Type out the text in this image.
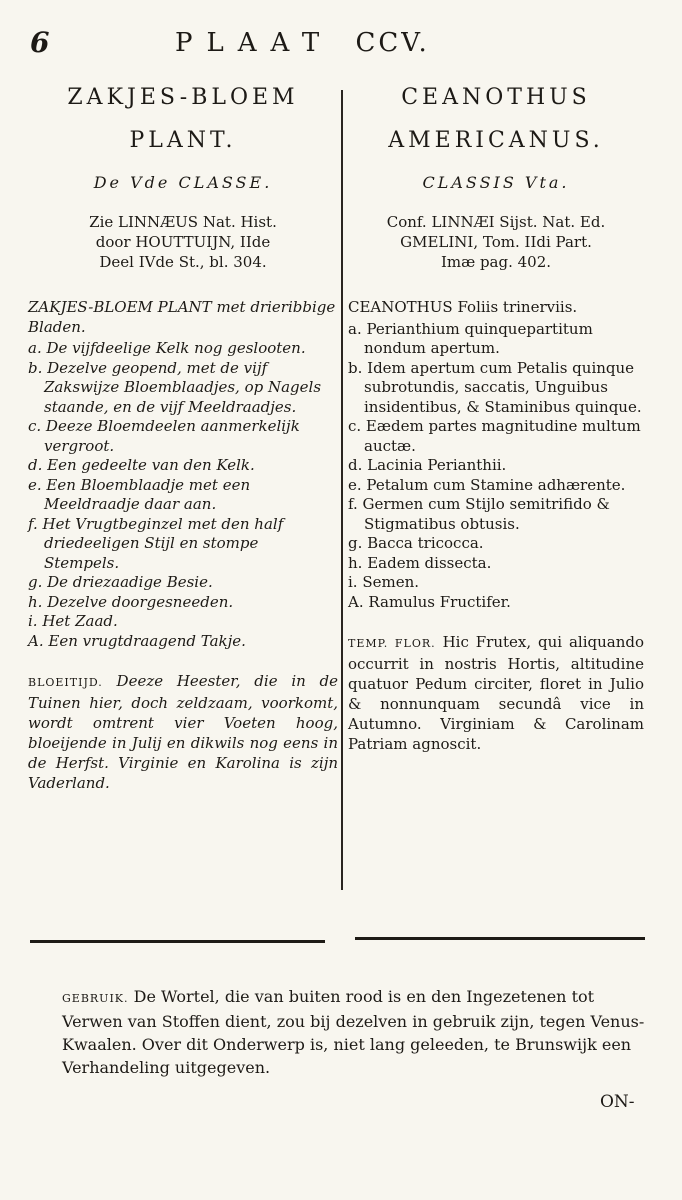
6	PLAAT CCV.
ZAKJES-BLOEM
PLANT.
De Vde CLASSE.
Zie LINNÆUS Nat. Hist.
door HOUTTUIJN, IIde
Deel IVde St., bl. 304.
ZAKJES-BLOEM PLANT met drieribbige Bladen.
a. De vijfdeelige Kelk nog geslooten.
b. Dezelve geopend, met de vijf Zakswijze Bloemblaadjes, op Nagels staande, en de vijf Meeldraadjes.
c. Deeze Bloemdeelen aanmerkelijk vergroot.
d. Een gedeelte van den Kelk.
e. Een Bloemblaadje met een Meeldraadje daar aan.
f. Het Vrugtbeginzel met den half driedeeligen Stijl en stompe Stempels.
g. De driezaadige Besie.
h. Dezelve doorgesneeden.
i. Het Zaad.
A. Een vrugtdraagend Takje.
BLOEITIJD. Deeze Heester, die in de Tuinen hier, doch zeldzaam, voorkomt, wordt omtrent vier Voeten hoog, bloeijende in Julij en dikwils nog eens in de Herfst. Virginie en Karolina is zijn Vaderland.
CEANOTHUS
AMERICANUS.
CLASSIS Vta.
Conf. LINNÆI Sijst. Nat. Ed.
GMELINI, Tom. IIdi Part.
Imæ pag. 402.
CEANOTHUS Foliis trinerviis.
a. Perianthium quinquepartitum nondum apertum.
b. Idem apertum cum Petalis quinque subrotundis, saccatis, Unguibus insidentibus, & Staminibus quinque.
c. Eædem partes magnitudine multum auctæ.
d. Lacinia Perianthii.
e. Petalum cum Stamine adhærente.
f. Germen cum Stijlo semitrifido & Stigmatibus obtusis.
g. Bacca tricocca.
h. Eadem dissecta.
i. Semen.
A. Ramulus Fructifer.
TEMP. FLOR. Hic Frutex, qui aliquando occurrit in nostris Hortis, altitudine quatuor Pedum circiter, floret in Julio & nonnunquam secundâ vice in Autumno. Virginiam & Carolinam Patriam agnoscit.
GEBRUIK. De Wortel, die van buiten rood is en den Ingezetenen tot Verwen van Stoffen dient, zou bij dezelven in gebruik zijn, tegen Venus-Kwaalen. Over dit Onderwerp is, niet lang geleeden, te Brunswijk een Verhandeling uitgegeven.
ON-
